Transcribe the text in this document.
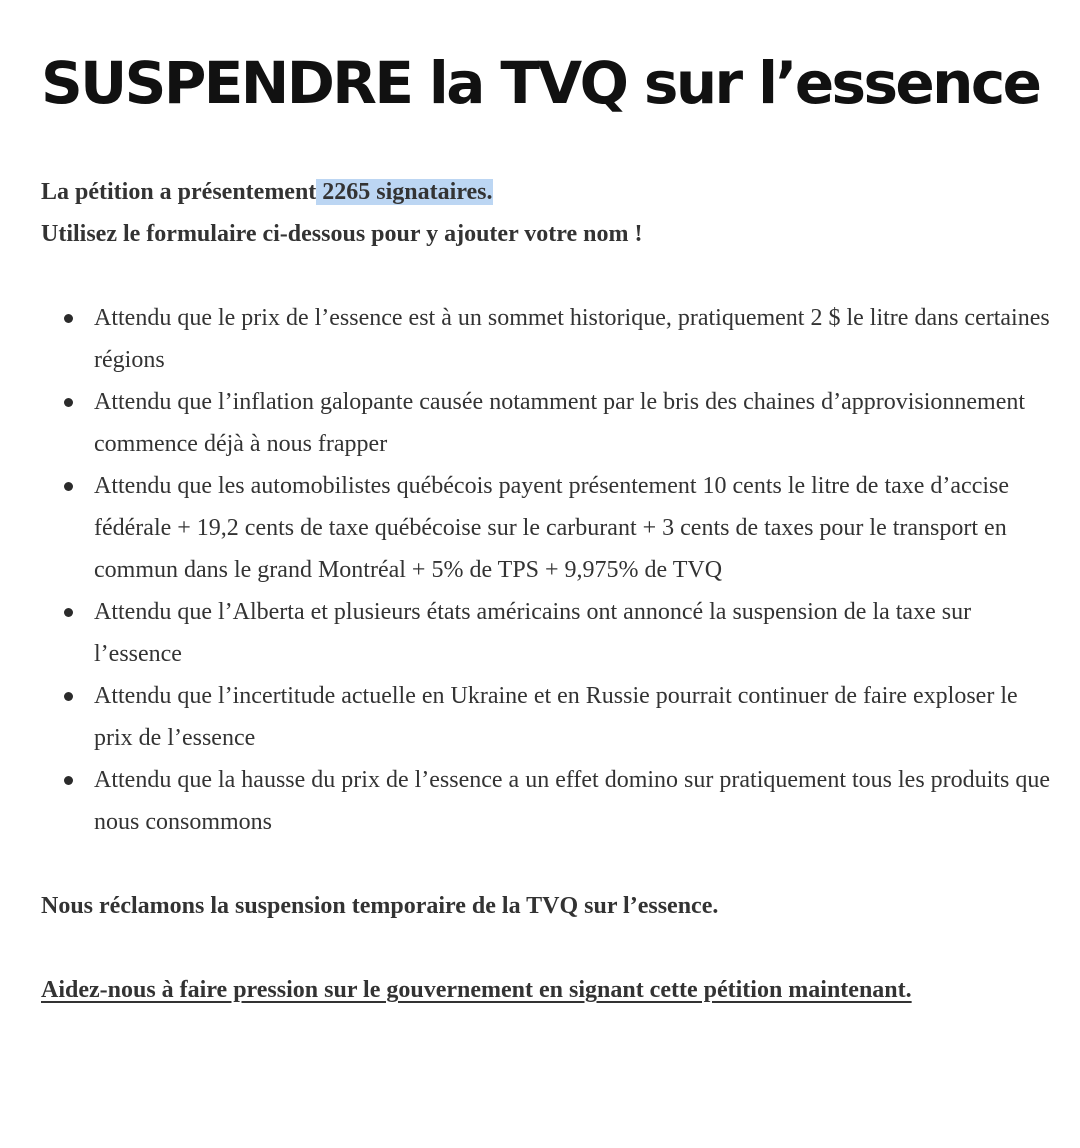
SUSPENDRE la TVQ sur l’essence

La pétition a présentement 2265 signataires.
Utilisez le formulaire ci-dessous pour y ajouter votre nom !

Attendu que le prix de l’essence est à un sommet historique, pratiquement 2 $ le litre dans certaines régions
Attendu que l’inflation galopante causée notamment par le bris des chaines d’approvisionnement commence déjà à nous frapper
Attendu que les automobilistes québécois payent présentement 10 cents le litre de taxe d’accise fédérale + 19,2 cents de taxe québécoise sur le carburant + 3 cents de taxes pour le transport en commun dans le grand Montréal + 5% de TPS + 9,975% de TVQ
Attendu que l’Alberta et plusieurs états américains ont annoncé la suspension de la taxe sur l’essence
Attendu que l’incertitude actuelle en Ukraine et en Russie pourrait continuer de faire exploser le prix de l’essence
Attendu que la hausse du prix de l’essence a un effet domino sur pratiquement tous les produits que nous consommons

Nous réclamons la suspension temporaire de la TVQ sur l’essence.

Aidez-nous à faire pression sur le gouvernement en signant cette pétition maintenant.
